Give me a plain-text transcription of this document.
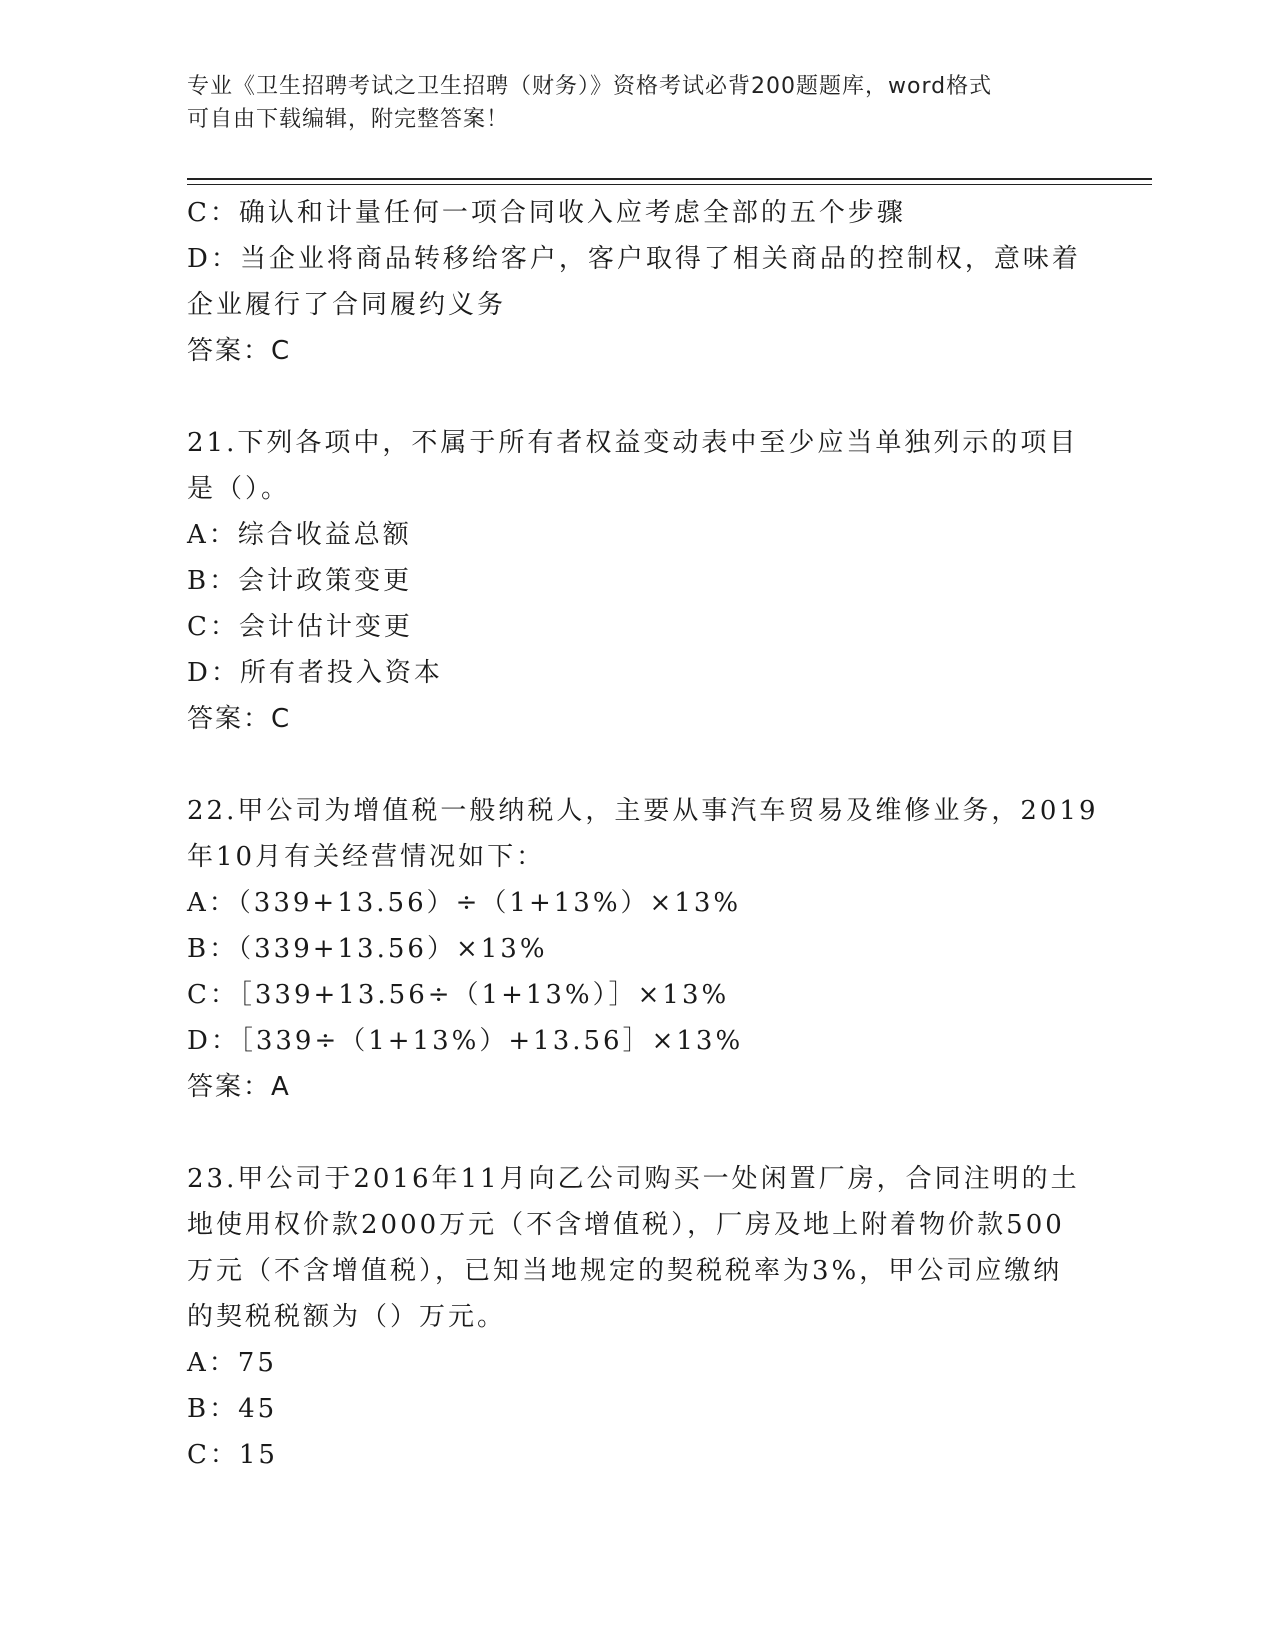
专业《卫生招聘考试之卫生招聘（财务）》资格考试必背200题题库，word格式
可自由下载编辑，附完整答案！
C：确认和计量任何一项合同收入应考虑全部的五个步骤
D：当企业将商品转移给客户，客户取得了相关商品的控制权，意味着
企业履行了合同履约义务
答案：C
21.下列各项中，不属于所有者权益变动表中至少应当单独列示的项目
是（）。
A：综合收益总额
B：会计政策变更
C：会计估计变更
D：所有者投入资本
答案：C
22.甲公司为增值税一般纳税人，主要从事汽车贸易及维修业务，2019
年10月有关经营情况如下：
A：（339+13.56）÷（1+13%）×13%
B：（339+13.56）×13%
C：［339+13.56÷（1+13%）］×13%
D：［339÷（1+13%）+13.56］×13%
答案：A
23.甲公司于2016年11月向乙公司购买一处闲置厂房，合同注明的土
地使用权价款2000万元（不含增值税），厂房及地上附着物价款500
万元（不含增值税），已知当地规定的契税税率为3%，甲公司应缴纳
的契税税额为（）万元。
A：75
B：45
C：15
